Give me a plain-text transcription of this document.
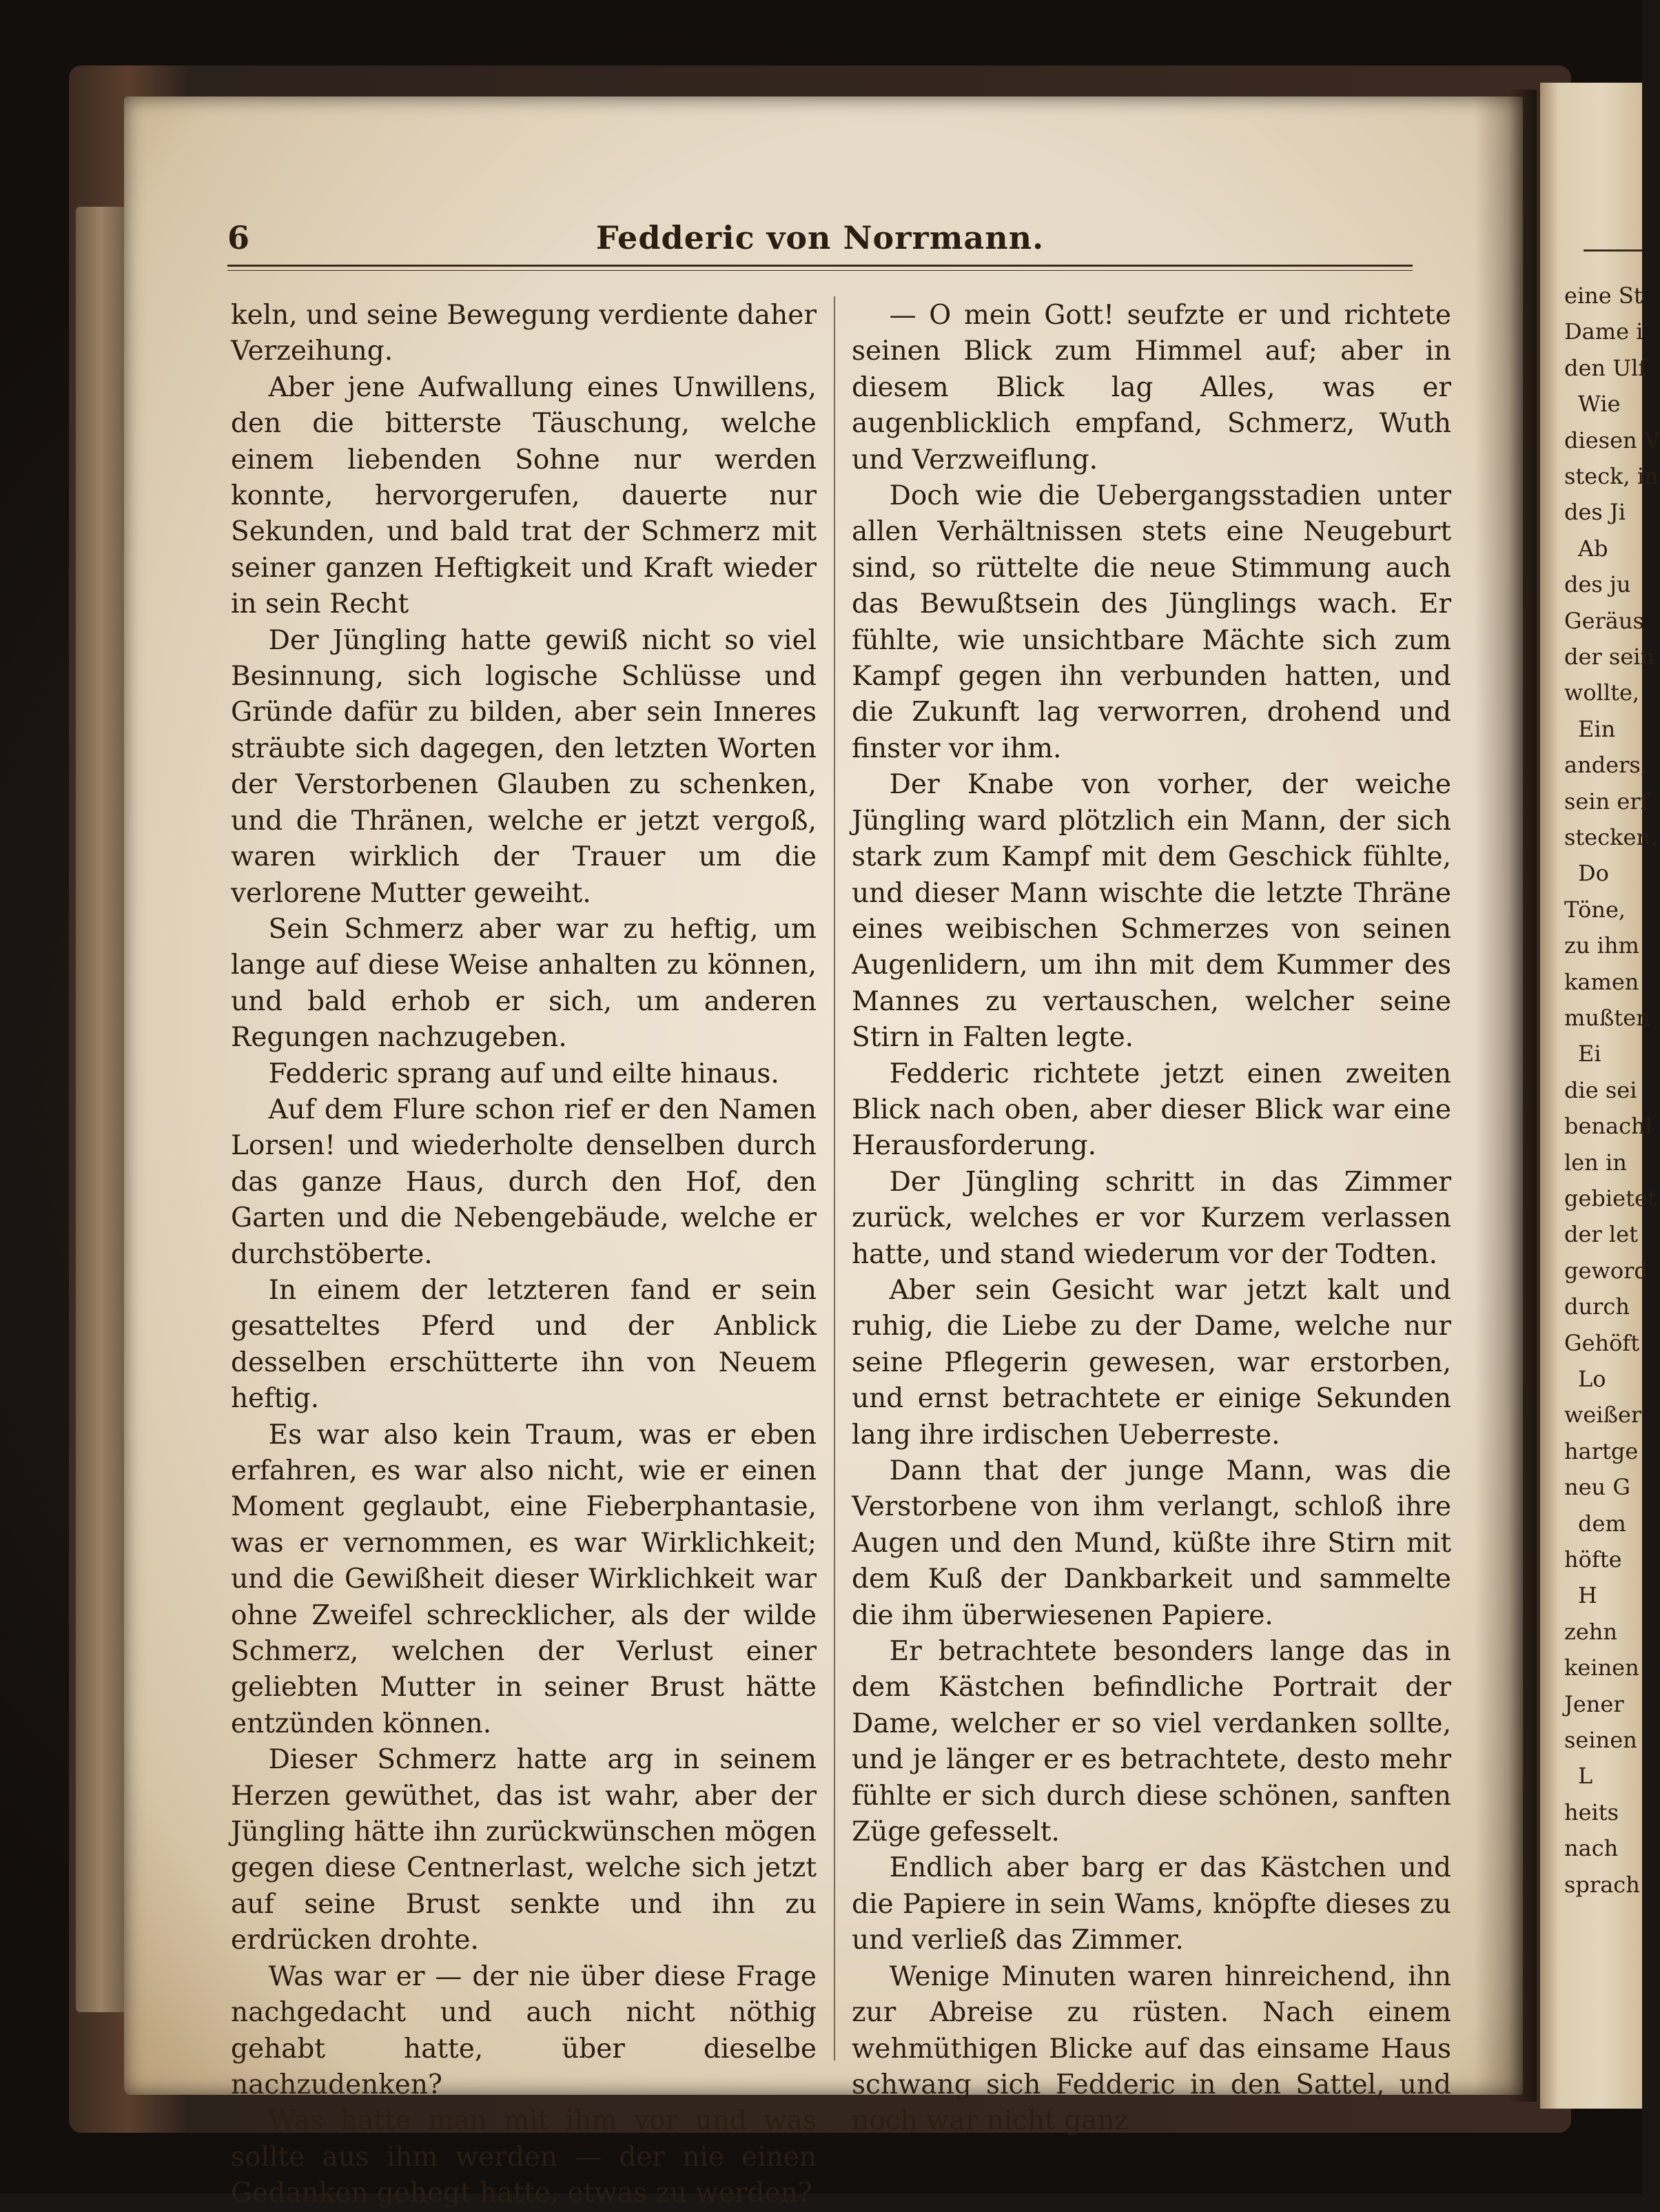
6	Fedderic von Norrmann.

keln, und seine Bewegung verdiente daher Verzeihung.

Aber jene Aufwallung eines Unwillens, den die bitterste Täuschung, welche einem liebenden Sohne nur werden konnte, hervorgerufen, dauerte nur Sekunden, und bald trat der Schmerz mit seiner ganzen Heftigkeit und Kraft wieder in sein Recht

Der Jüngling hatte gewiß nicht so viel Besinnung, sich logische Schlüsse und Gründe dafür zu bilden, aber sein Inneres sträubte sich dagegen, den letzten Worten der Verstorbenen Glauben zu schenken, und die Thränen, welche er jetzt vergoß, waren wirklich der Trauer um die verlorene Mutter geweiht.

Sein Schmerz aber war zu heftig, um lange auf diese Weise anhalten zu können, und bald erhob er sich, um anderen Regungen nachzugeben.

Fedderic sprang auf und eilte hinaus.

Auf dem Flure schon rief er den Namen Lorsen! und wiederholte denselben durch das ganze Haus, durch den Hof, den Garten und die Nebengebäude, welche er durchstöberte.

In einem der letzteren fand er sein gesatteltes Pferd und der Anblick desselben erschütterte ihn von Neuem heftig.

Es war also kein Traum, was er eben erfahren, es war also nicht, wie er einen Moment geglaubt, eine Fieberphantasie, was er vernommen, es war Wirklichkeit; und die Gewißheit dieser Wirklichkeit war ohne Zweifel schrecklicher, als der wilde Schmerz, welchen der Verlust einer geliebten Mutter in seiner Brust hätte entzünden können.

Dieser Schmerz hatte arg in seinem Herzen gewüthet, das ist wahr, aber der Jüngling hätte ihn zurückwünschen mögen gegen diese Centnerlast, welche sich jetzt auf seine Brust senkte und ihn zu erdrücken drohte.

Was war er — der nie über diese Frage nachgedacht und auch nicht nöthig gehabt hatte, über dieselbe nachzudenken?

Was hatte man mit ihm vor und was sollte aus ihm werden — der nie einen Gedanken gehegt hatte, etwas zu werden?

— O mein Gott! seufzte er und richtete seinen Blick zum Himmel auf; aber in diesem Blick lag Alles, was er augenblicklich empfand, Schmerz, Wuth und Verzweiflung.

Doch wie die Uebergangsstadien unter allen Verhältnissen stets eine Neugeburt sind, so rüttelte die neue Stimmung auch das Bewußtsein des Jünglings wach. Er fühlte, wie unsichtbare Mächte sich zum Kampf gegen ihn verbunden hatten, und die Zukunft lag verworren, drohend und finster vor ihm.

Der Knabe von vorher, der weiche Jüngling ward plötzlich ein Mann, der sich stark zum Kampf mit dem Geschick fühlte, und dieser Mann wischte die letzte Thräne eines weibischen Schmerzes von seinen Augenlidern, um ihn mit dem Kummer des Mannes zu vertauschen, welcher seine Stirn in Falten legte.

Fedderic richtete jetzt einen zweiten Blick nach oben, aber dieser Blick war eine Herausforderung.

Der Jüngling schritt in das Zimmer zurück, welches er vor Kurzem verlassen hatte, und stand wiederum vor der Todten.

Aber sein Gesicht war jetzt kalt und ruhig, die Liebe zu der Dame, welche nur seine Pflegerin gewesen, war erstorben, und ernst betrachtete er einige Sekunden lang ihre irdischen Ueberreste.

Dann that der junge Mann, was die Verstorbene von ihm verlangt, schloß ihre Augen und den Mund, küßte ihre Stirn mit dem Kuß der Dankbarkeit und sammelte die ihm überwiesenen Papiere.

Er betrachtete besonders lange das in dem Kästchen befindliche Portrait der Dame, welcher er so viel verdanken sollte, und je länger er es betrachtete, desto mehr fühlte er sich durch diese schönen, sanften Züge gefesselt.

Endlich aber barg er das Kästchen und die Papiere in sein Wams, knöpfte dieses zu und verließ das Zimmer.

Wenige Minuten waren hinreichend, ihn zur Abreise zu rüsten. Nach einem wehmüthigen Blicke auf das einsame Haus schwang sich Fedderic in den Sattel, und noch war nicht ganz

eine St
Dame i
den Ulf
Wie
diesen V
steck, in
des Ji
Ab
des ju
Geräus
der sein
wollte,
Ein
anders,
sein erf
stecken.
Do
Töne,
zu ihm
kamen
mußten
Ei
die sei
benachl
len in
gebietet
der let
geword
durch
Gehöft
Lo
weißer
hartge
neu G
dem
höfte
H
zehn
keinen
Jener
seinen
L
heits
nach
sprach
